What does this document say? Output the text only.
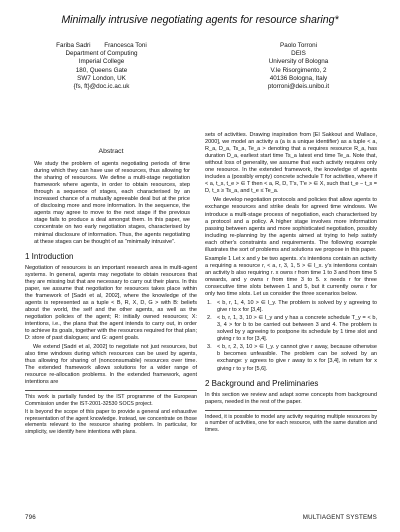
Minimally intrusive negotiating agents for resource sharing*
Fariba Sadri Francesca Toni
Department of Computing
Imperial College
180, Queens Gate
SW7 London, UK
{fs, ft}@doc.ic.ac.uk
Paolo Torroni
DEIS
University of Bologna
V.le Risorgimento, 2
40136 Bologna, Italy
ptorroni@deis.unibo.it
Abstract

We study the problem of agents negotiating periods of time during which they can have use of resources, thus allowing for the sharing of resources. We define a multi-stage negotiation framework where agents, in order to obtain resources, step through a sequence of stages, each characterised by an increased chance of a mutually agreeable deal but at the price of disclosing more and more information. In the sequence, the agents may agree to move to the next stage if the previous stage fails to produce a deal amongst them. In this paper, we concentrate on two early negotiation stages, characterised by minimal disclosure of information. Thus, the agents negotiating at these stages can be thought of as “minimally intrusive”.

1 Introduction

Negotiation of resources is an important research area in multi-agent systems. In general, agents may negotiate to obtain resources that they are missing but that are necessary to carry out their plans. In this paper, we assume that negotiation for resources takes place within the framework of [Sadri et al, 2002], where the knowledge of the agents is represented as a tuple < B, R, X, D, G > with B: beliefs about the world, the self and the other agents, as well as the negotiation policies of the agent; R: initially owned resources; X: intentions, i.e., the plans that the agent intends to carry out, in order to achieve its goals, together with the resources required for that plan; D: store of past dialogues; and G: agent goals.

We extend [Sadri et al, 2002] to negotiate not just resources, but also time windows during which resources can be used by agents, thus allowing for sharing of (nonconsumable) resources over time. The extended framework allows solutions for a wider range of resource re-allocation problems. In the extended framework, agent intentions are

This work is partially funded by the IST programme of the European Commission under the IST-2001-32530 SOCS project.

It is beyond the scope of this paper to provide a general and exhaustive representation of the agent knowledge. Instead, we concentrate on those elements relevant to the resource sharing problem. In particular, for simplicity, we identify here intentions with plans.

sets of activities. Drawing inspiration from [El Sakkout and Wallace, 2000], we model an activity a (a is a unique identifier) as a tuple < a, R_a, D_a, Ts_a, Te_a > denoting that a requires resource R_a, has duration D_a, earliest start time Ts_a latest end time Te_a. Note that, without loss of generality, we assume that each activity requires only one resource. In the extended framework, the knowledge of agents includes a (possibly empty) concrete schedule T for activities, where if < a, t_s, t_e > ∈ T then < a, R, D, T's, T'e > ∈ X, such that t_e − t_s = D, t_s ≥ Ts_a, and t_e ≤ Te_a.

We develop negotiation protocols and policies that allow agents to exchange resources and strike deals for agreed time windows. We introduce a multi-stage process of negotiation, each characterised by a protocol and a policy. A higher stage involves more information passing between agents and more sophisticated negotiation, possibly including re-planning by the agents aimed at trying to help satisfy each other's constraints and requirements. The following example illustrates the sort of problems and solutions we propose in this paper.

Example 1 Let x and y be two agents. x's intentions contain an activity a requiring a resource r, < a, r, 3, 1, 5 > ∈ I_x. y's intentions contain an activity b also requiring r. x owns r from time 1 to 3 and from time 5 onwards, and y owns r from time 3 to 5. x needs r for three consecutive time slots between 1 and 5, but it currently owns r for only two time slots. Let us consider the three scenarios below.

1. < b, r, 1, 4, 10 > ∈ I_y. The problem is solved by y agreeing to give r to x for [3,4].
2. < b, r, 1, 3, 10 > ∈ I_y and y has a concrete schedule T_y = < b, 3, 4 > for b to be carried out between 3 and 4. The problem is solved by y agreeing to postpone its schedule by 1 time slot and giving r to x for [3,4].
3. < b, r, 2, 3, 10 > ∈ I_y. y cannot give r away, because otherwise b becomes unfeasible. The problem can be solved by an exchange: y agrees to give r away to x for [3,4], in return for x giving r to y for [5,6].
2 Background and Preliminaries

In this section we review and adapt some concepts from background papers, needed in the rest of the paper.

Indeed, it is possible to model any activity requiring multiple resources by a number of activities, one for each resource, with the same duration and times.

796	MULTIAGENT SYSTEMS
